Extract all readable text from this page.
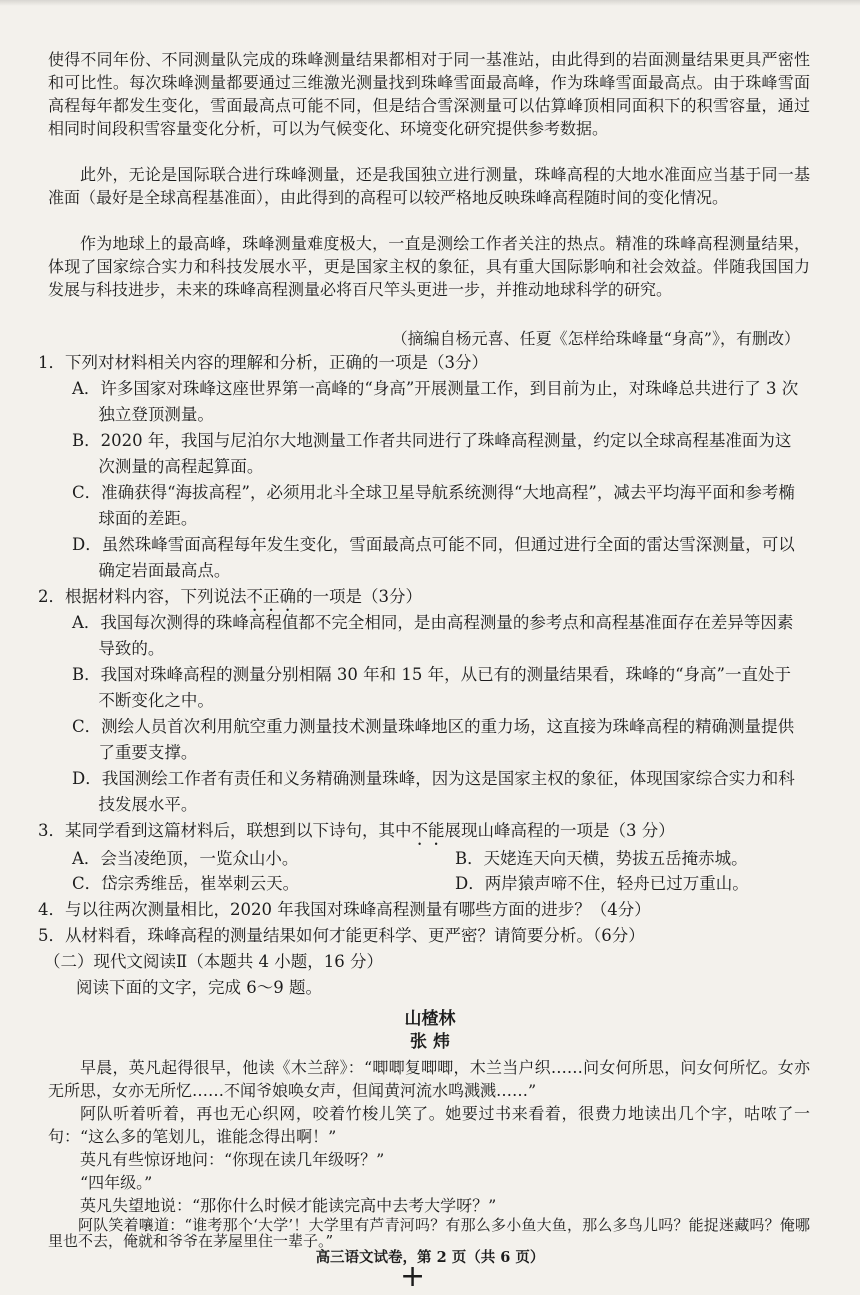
使得不同年份、不同测量队完成的珠峰测量结果都相对于同一基准站，由此得到的岩面测量结果更具严密性和可比性。每次珠峰测量都要通过三维激光测量找到珠峰雪面最高峰，作为珠峰雪面最高点。由于珠峰雪面高程每年都发生变化，雪面最高点可能不同，但是结合雪深测量可以估算峰顶相同面积下的积雪容量，通过相同时间段积雪容量变化分析，可以为气候变化、环境变化研究提供参考数据。

此外，无论是国际联合进行珠峰测量，还是我国独立进行测量，珠峰高程的大地水准面应当基于同一基准面（最好是全球高程基准面），由此得到的高程可以较严格地反映珠峰高程随时间的变化情况。

作为地球上的最高峰，珠峰测量难度极大，一直是测绘工作者关注的热点。精准的珠峰高程测量结果，体现了国家综合实力和科技发展水平，更是国家主权的象征，具有重大国际影响和社会效益。伴随我国国力发展与科技进步，未来的珠峰高程测量必将百尺竿头更进一步，并推动地球科学的研究。

（摘编自杨元喜、任夏《怎样给珠峰量“身高”》，有删改）

1．下列对材料相关内容的理解和分析，正确的一项是（3分）

A．许多国家对珠峰这座世界第一高峰的“身高”开展测量工作，到目前为止，对珠峰总共进行了 3 次独立登顶测量。

B．2020 年，我国与尼泊尔大地测量工作者共同进行了珠峰高程测量，约定以全球高程基准面为这次测量的高程起算面。

C．准确获得“海拔高程”，必须用北斗全球卫星导航系统测得“大地高程”，减去平均海平面和参考椭球面的差距。

D．虽然珠峰雪面高程每年发生变化，雪面最高点可能不同，但通过进行全面的雷达雪深测量，可以确定岩面最高点。

2．根据材料内容，下列说法不正确的一项是（3分）

A．我国每次测得的珠峰高程值都不完全相同，是由高程测量的参考点和高程基准面存在差异等因素导致的。

B．我国对珠峰高程的测量分别相隔 30 年和 15 年，从已有的测量结果看，珠峰的“身高”一直处于不断变化之中。

C．测绘人员首次利用航空重力测量技术测量珠峰地区的重力场，这直接为珠峰高程的精确测量提供了重要支撑。

D．我国测绘工作者有责任和义务精确测量珠峰，因为这是国家主权的象征，体现国家综合实力和科技发展水平。

3．某同学看到这篇材料后，联想到以下诗句，其中不能展现山峰高程的一项是（3 分）

A．会当凌绝顶，一览众山小。	B．天姥连天向天横，势拔五岳掩赤城。

C．岱宗秀维岳，崔崒刺云天。	D．两岸猿声啼不住，轻舟已过万重山。

4．与以往两次测量相比，2020 年我国对珠峰高程测量有哪些方面的进步？（4分）

5．从材料看，珠峰高程的测量结果如何才能更科学、更严密？请简要分析。（6分）

（二）现代文阅读Ⅱ（本题共 4 小题，16 分）

阅读下面的文字，完成 6～9 题。

山楂林
张 炜

早晨，英凡起得很早，他读《木兰辞》：“唧唧复唧唧，木兰当户织……问女何所思，问女何所忆。女亦无所思，女亦无所忆……不闻爷娘唤女声，但闻黄河流水鸣溅溅……”

阿队听着听着，再也无心织网，咬着竹梭儿笑了。她要过书来看着，很费力地读出几个字，咕哝了一句：“这么多的笔划儿，谁能念得出啊！”

英凡有些惊讶地问：“你现在读几年级呀？”

“四年级。”

英凡失望地说：“那你什么时候才能读完高中去考大学呀？”

阿队笑着嚷道：“谁考那个‘大学’！大学里有芦青河吗？有那么多小鱼大鱼，那么多鸟儿吗？能捉迷藏吗？俺哪里也不去，俺就和爷爷在茅屋里住一辈子。”

高三语文试卷，第 2 页（共 6 页）
+
